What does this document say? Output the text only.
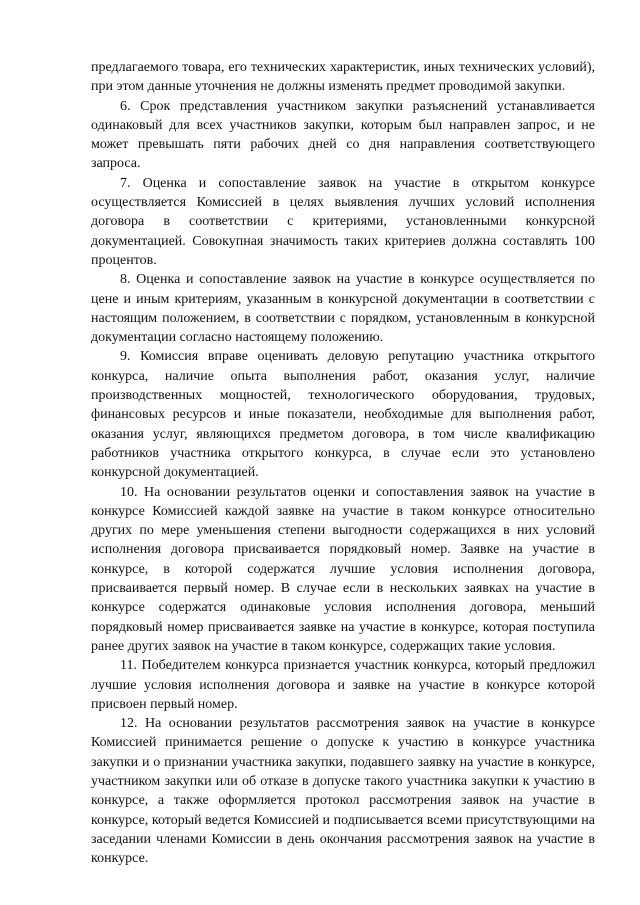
предлагаемого товара, его технических характеристик, иных технических условий), при этом данные уточнения не должны изменять предмет проводимой закупки.

6. Срок представления участником закупки разъяснений устанавливается одинаковый для всех участников закупки, которым был направлен запрос, и не может превышать пяти рабочих дней со дня направления соответствующего запроса.

7. Оценка и сопоставление заявок на участие в открытом конкурсе осуществляется Комиссией в целях выявления лучших условий исполнения договора в соответствии с критериями, установленными конкурсной документацией. Совокупная значимость таких критериев должна составлять 100 процентов.

8. Оценка и сопоставление заявок на участие в конкурсе осуществляется по цене и иным критериям, указанным в конкурсной документации в соответствии с настоящим положением, в соответствии с порядком, установленным в конкурсной документации согласно настоящему положению.

9. Комиссия вправе оценивать деловую репутацию участника открытого конкурса, наличие опыта выполнения работ, оказания услуг, наличие производственных мощностей, технологического оборудования, трудовых, финансовых ресурсов и иные показатели, необходимые для выполнения работ, оказания услуг, являющихся предметом договора, в том числе квалификацию работников участника открытого конкурса, в случае если это установлено конкурсной документацией.

10. На основании результатов оценки и сопоставления заявок на участие в конкурсе Комиссией каждой заявке на участие в таком конкурсе относительно других по мере уменьшения степени выгодности содержащихся в них условий исполнения договора присваивается порядковый номер. Заявке на участие в конкурсе, в которой содержатся лучшие условия исполнения договора, присваивается первый номер. В случае если в нескольких заявках на участие в конкурсе содержатся одинаковые условия исполнения договора, меньший порядковый номер присваивается заявке на участие в конкурсе, которая поступила ранее других заявок на участие в таком конкурсе, содержащих такие условия.

11. Победителем конкурса признается участник конкурса, который предложил лучшие условия исполнения договора и заявке на участие в конкурсе которой присвоен первый номер.

12. На основании результатов рассмотрения заявок на участие в конкурсе Комиссией принимается решение о допуске к участию в конкурсе участника закупки и о признании участника закупки, подавшего заявку на участие в конкурсе, участником закупки или об отказе в допуске такого участника закупки к участию в конкурсе, а также оформляется протокол рассмотрения заявок на участие в конкурсе, который ведется Комиссией и подписывается всеми присутствующими на заседании членами Комиссии в день окончания рассмотрения заявок на участие в конкурсе.
